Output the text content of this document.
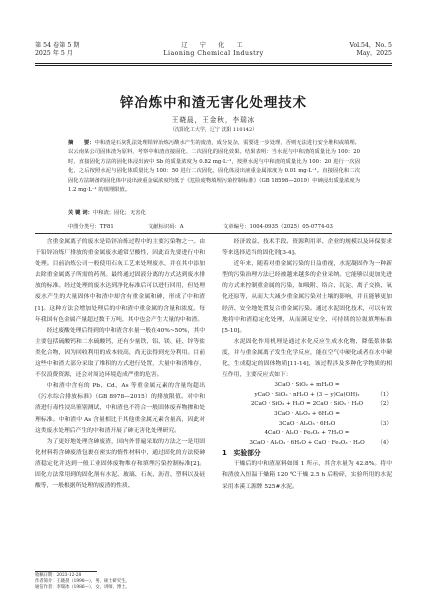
第 54 卷第 5 期
2025 年 5 月
辽　宁　化　工
Liaoning Chemical Industry
Vol.54，No. 5
May，2025
锌冶炼中和渣无害化处理技术
王晓晨，王金秋，李瑞冰
（沈阳化工大学，辽宁 沈阳 110142）
摘　　要：中和渣是石灰乳法处理铅锌冶炼污酸水产生的废渣，成分复杂，需要进一步处理，否则无法进行安全堆积或填埋。以云南某公司固体渣为原料，考察中和渣直接固化、二次固化的固化效果。结果表明：当水泥与中和渣的质量比为 100：20 时，直接固化方法的固化体浸出液中 Sb 的质量浓度为 0.82 mg·L⁻¹，按照水泥与中和渣的质量比为 100：20 进行一次固化，之后按照水泥与固化体质量比为 100：50 进行二次固化，固化体浸出液重金属浓度为 0.01 mg·L⁻¹。直接固化和二次固化方法制备的固化体中浸出液重金属浓度均低于《危险废物填埋污染控制标准》（GB 18598—2019）中砷浸出质量浓度为 1.2 mg·L⁻¹ 的填埋限值。
关 键 词：中和渣；固化；无害化
中图分类号：TF81	文献标识码：A	文章编号：1004-0935（2025）05-0774-03

含重金属离子的废水是铅锌冶炼过程中的主要污染物之一。由于铅锌冶炼厂排放的重金属废水通常呈酸性，因此首先要进行中和处理。目前冶炼公司一般使用石灰工艺来处理废水，并在其中添加去除重金属离子所需的药剂。最终通过固液分离的方式达到废水排放的标准。经过处理的废水达到净化标准后可以进行回用，但处理废水产生的大量固体中和渣中却含有重金属和砷，形成了中和渣[1]。这种方法会增加处理后的中和渣中重金属的含量和浓度。每年我国有色金属产量超过数千万吨，其中也会产生大量的中和渣。

经过废酸处理后得到的中和渣含水量一般在40%~50%，其中主要包括硫酸钙和二水硫酸钙，还有少量铁、铝、镁、硅、锌等盐类化合物，因为回收利用的成本较高，尚无法得到充分利用。目前这些中和渣大部分采取了堆积的方式进行处置，大量中和渣堆存，不仅浪费资源，还会对周边环境造成严重的危害。

中和渣中含有的 Pb、Cd、As 等重金属元素的含量均超出《污水综合排放标准》（GB 8978—2015）的排放限值。对中和渣进行毒性浸出鉴别测试，中和渣也不符合一般固体废弃物掺和处理标准。中和渣中 As 含量相比于其他重金属元素含量高，因此对这类废水处理后产生的中和渣开展了砷无害化处理研究。

为了更好地处理含砷废渣，国内外普遍采取的方法之一是用固化材料将含砷废渣包裹在密实的惰性材料中，通过固化的方法使砷渣稳定化并达到一般工业固体废物堆存和填埋污染控制标准[2]。固化方法常用到的固化剂有水泥、玻璃、石灰、沥青、塑料以及硅酸等，一般根据所处理的废渣的性质、

经济效益、技术手段、资源利用率、企业的规模以及环保要求等来选择适当的固化剂[3-4]。

近年来，随着对重金属污染的日益重视，水泥凝固作为一种新型的污染治理方法已经被越来越多的企业采纳。它能够以更加先进的方式来控制重金属的污染，如吸附、络合、沉淀、离子交换、氧化还原等，从而大大减少重金属污染对土壤的影响，并且能够更加经济、安全地处置复合重金属污染。通过水泥固化技术，可以有效地将中和渣稳定化处理，从而满足安全、可持续的垃圾填埋标准[5-10]。

水泥固化作用机理是通过水化反应生成水化物，降低浆体黏度，并与重金属离子发生化学反应，能在空气中硬化或者在水中硬化，生成稳定的固体物质[11-14]，该过程涉及多种化学物质的相互作用，主要反应式如下：

3CaO · SiO₂ + mH₂O =
yCaO · SiO₂ · nH₂O + (3 − y)Ca(OH)₂	（1）
2CaO · SiO₂ + H₂O = 2CaO · SiO₂ · H₂O	（2）
3CaO · Al₂O₃ + 6H₂O =
3CaO · Al₂O₃ · 6H₂O	（3）
4CaO · Al₂O · Fe₂O₃ + 7H₂O =
3CaO · Al₂O₃ · 6H₂O + CaO · Fe₂O₃ · H₂O （4）
1　实验部分

干燥后的中和渣原料如图 1 所示，其含水量为 42.8%。将中和渣放入恒温干燥箱 120 ℃干燥 2.5 h 后粉碎，实验所用的水泥采用本溪工源牌 525#水泥。

收稿日期：2023-12-28
作者简介：王晓晨（1998—），男，硕士研究生。
通信作者：李瑞冰（1986—），女，讲师，博士。
